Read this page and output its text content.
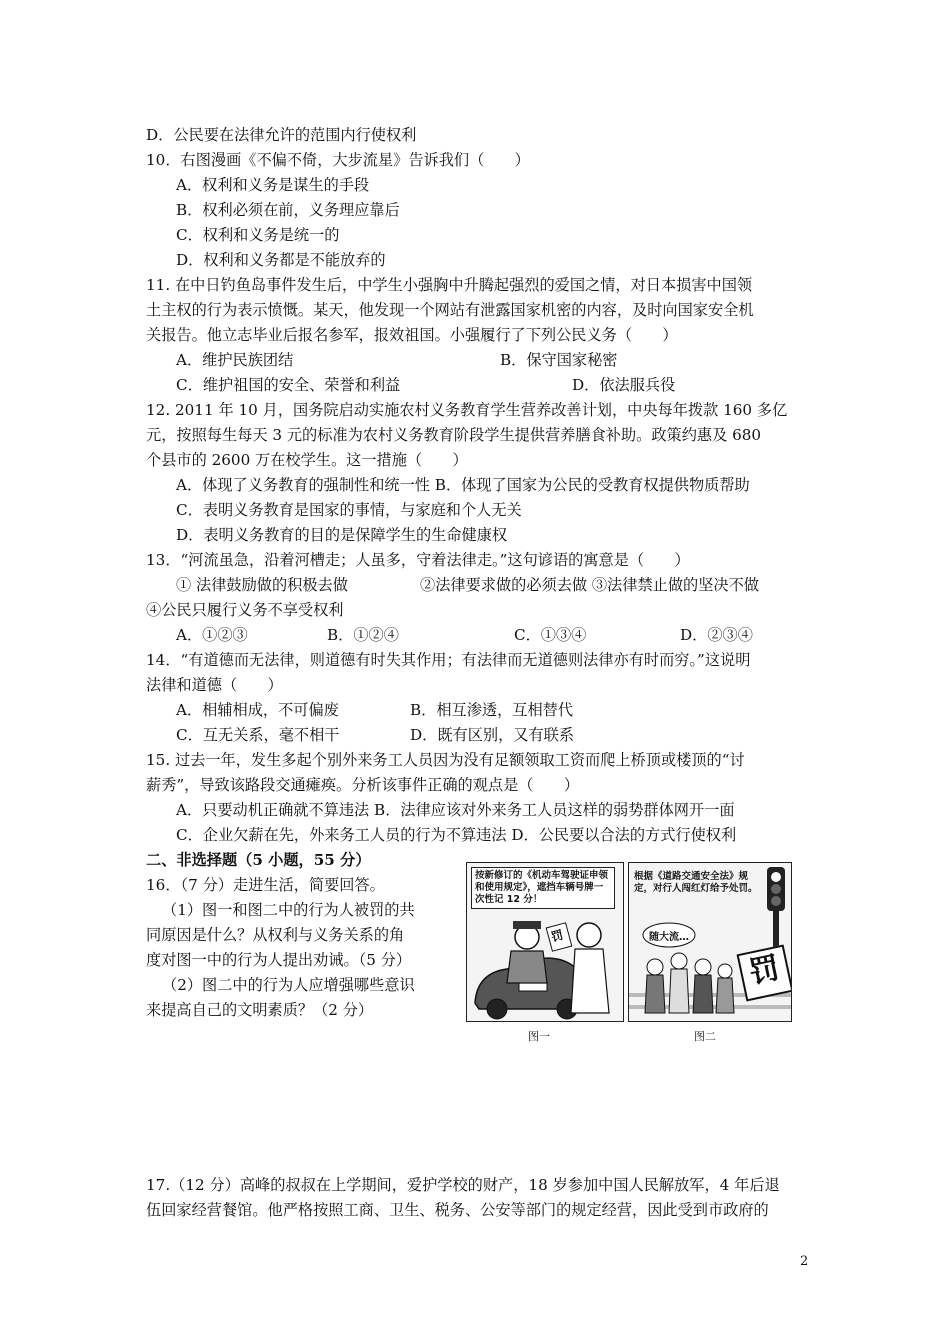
D．公民要在法律允许的范围内行使权利
10．右图漫画《不偏不倚，大步流星》告诉我们（　　）
A．权利和义务是谋生的手段
B．权利必须在前，义务理应靠后
C．权利和义务是统一的
D．权利和义务都是不能放弃的
11. 在中日钓鱼岛事件发生后，中学生小强胸中升腾起强烈的爱国之情，对日本损害中国领
土主权的行为表示愤慨。某天，他发现一个网站有泄露国家机密的内容，及时向国家安全机
关报告。他立志毕业后报名参军，报效祖国。小强履行了下列公民义务（　　）
A．维护民族团结	B．保守国家秘密
C．维护祖国的安全、荣誉和利益	D．依法服兵役
12. 2011 年 10 月，国务院启动实施农村义务教育学生营养改善计划，中央每年拨款 160 多亿
元，按照每生每天 3 元的标准为农村义务教育阶段学生提供营养膳食补助。政策约惠及 680
个县市的 2600 万在校学生。这一措施（　　）
A．体现了义务教育的强制性和统一性 B．体现了国家为公民的受教育权提供物质帮助
C．表明义务教育是国家的事情，与家庭和个人无关
D．表明义务教育的目的是保障学生的生命健康权
13．“河流虽急，沿着河槽走；人虽多，守着法律走。”这句谚语的寓意是（　　）
① 法律鼓励做的积极去做	②法律要求做的必须去做 ③法律禁止做的坚决不做
④公民只履行义务不享受权利
A．①②③	B．①②④	C．①③④	D．②③④
14．“有道德而无法律，则道德有时失其作用；有法律而无道德则法律亦有时而穷。”这说明
法律和道德（　　）
A．相辅相成，不可偏废	B．相互渗透，互相替代
C．互无关系，毫不相干	D．既有区别，又有联系
15. 过去一年，发生多起个别外来务工人员因为没有足额领取工资而爬上桥顶或楼顶的“讨
薪秀”，导致该路段交通瘫痪。分析该事件正确的观点是（　　）
A．只要动机正确就不算违法 B．法律应该对外来务工人员这样的弱势群体网开一面
C．企业欠薪在先，外来务工人员的行为不算违法 D．公民要以合法的方式行使权利
二、非选择题（5 小题，55 分）
16．（7 分）走进生活，简要回答。
（1）图一和图二中的行为人被罚的共
同原因是什么？从权利与义务关系的角
度对图一中的行为人提出劝诫。（5 分）
（2）图二中的行为人应增强哪些意识
来提高自己的文明素质？（2 分）
按新修订的《机动车驾驶证申领和使用规定》，遮挡车辆号牌一次性记 12 分！
罚
根据《道路交通安全法》规定，对行人闯红灯给予处罚。
随大流…
罚
图一	图二
17.（12 分）高峰的叔叔在上学期间，爱护学校的财产，18 岁参加中国人民解放军，4 年后退
伍回家经营餐馆。他严格按照工商、卫生、税务、公安等部门的规定经营，因此受到市政府的
2
